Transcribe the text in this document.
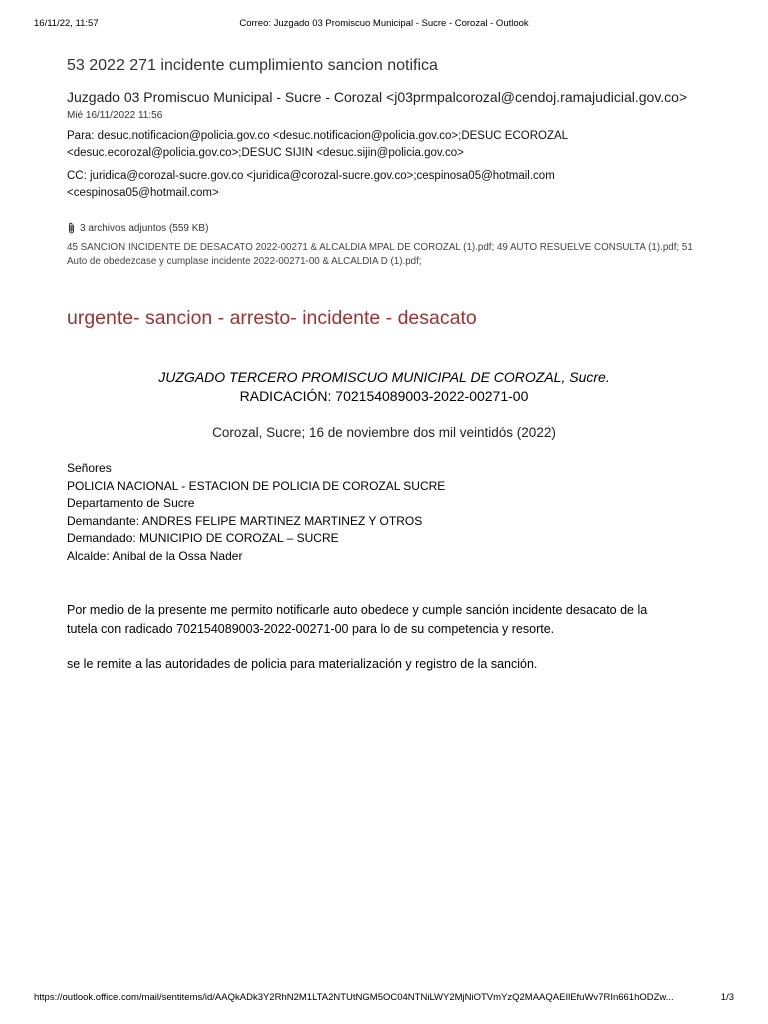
16/11/22, 11:57	Correo: Juzgado 03 Promiscuo Municipal - Sucre - Corozal - Outlook
53 2022 271 incidente cumplimiento sancion notifica
Juzgado 03 Promiscuo Municipal - Sucre - Corozal <j03prmpalcorozal@cendoj.ramajudicial.gov.co>
Mié 16/11/2022 11:56
Para: desuc.notificacion@policia.gov.co <desuc.notificacion@policia.gov.co>;DESUC ECOROZAL
<desuc.ecorozal@policia.gov.co>;DESUC SIJIN <desuc.sijin@policia.gov.co>
CC: juridica@corozal-sucre.gov.co <juridica@corozal-sucre.gov.co>;cespinosa05@hotmail.com
<cespinosa05@hotmail.com>
3 archivos adjuntos (559 KB)
45 SANCION INCIDENTE DE DESACATO 2022-00271 & ALCALDIA MPAL DE COROZAL (1).pdf; 49 AUTO RESUELVE CONSULTA (1).pdf; 51
Auto de obedezcase y cumplase incidente 2022-00271-00 & ALCALDIA D (1).pdf;
urgente- sancion - arresto- incidente - desacato
JUZGADO TERCERO PROMISCUO MUNICIPAL DE COROZAL, Sucre.
RADICACIÓN: 702154089003-2022-00271-00
Corozal, Sucre; 16 de noviembre dos mil veintidós (2022)
Señores
POLICIA NACIONAL - ESTACION DE POLICIA DE COROZAL SUCRE
Departamento de Sucre
Demandante: ANDRES FELIPE MARTINEZ MARTINEZ Y OTROS
Demandado: MUNICIPIO DE COROZAL – SUCRE
Alcalde: Anibal de la Ossa Nader
Por medio de la presente me permito notificarle auto obedece y cumple sanción incidente desacato de la
tutela con radicado 702154089003-2022-00271-00 para lo de su competencia y resorte.
se le remite a las autoridades de policia para materialización y registro de la sanción.
https://outlook.office.com/mail/sentitems/id/AAQkADk3Y2RhN2M1LTA2NTUtNGM5OC04NTNiLWY2MjNiOTVmYzQ2MAAQAEIlEfuWv7RIn661hODZw...	1/3
